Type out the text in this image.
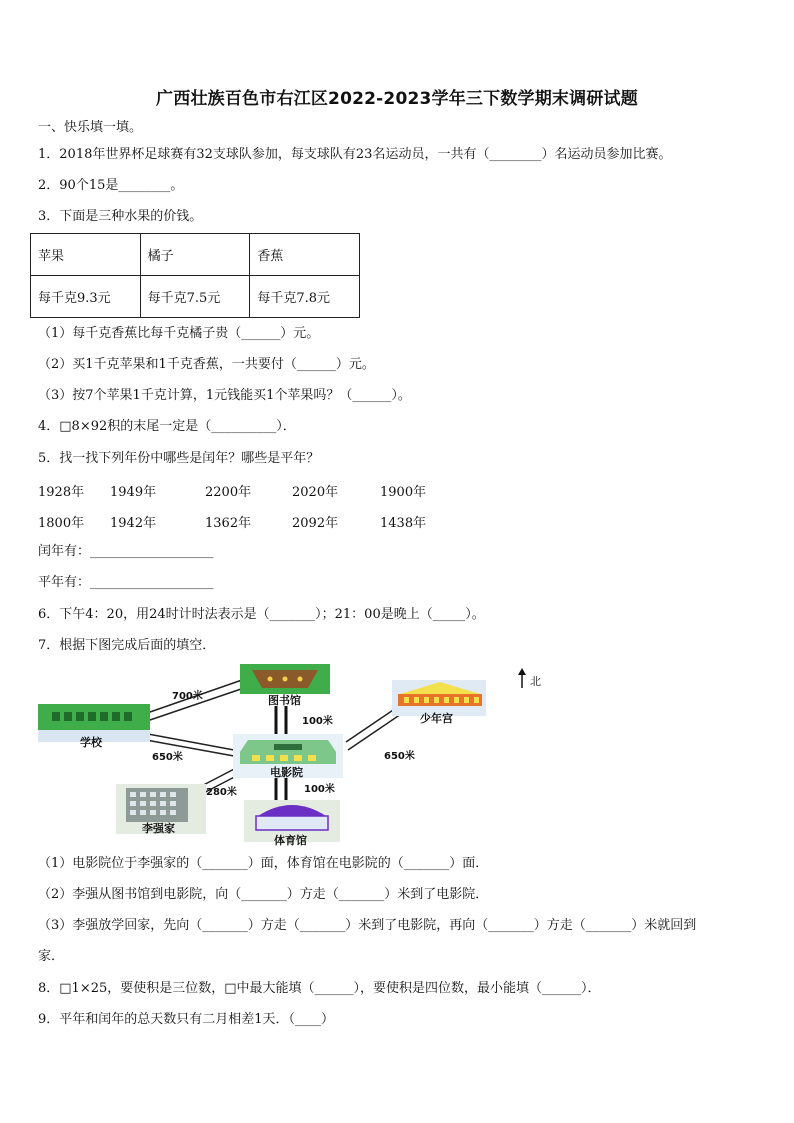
广西壮族百色市右江区2022-2023学年三下数学期末调研试题
一、快乐填一填。
1．2018年世界杯足球赛有32支球队参加，每支球队有23名运动员，一共有（________）名运动员参加比赛。
2．90个15是________。
3．下面是三种水果的价钱。
苹果	橘子	香蕉
每千克9.3元	每千克7.5元	每千克7.8元
（1）每千克香蕉比每千克橘子贵（______）元。
（2）买1千克苹果和1千克香蕉，一共要付（______）元。
（3）按7个苹果1千克计算，1元钱能买1个苹果吗？（______）。
4．□8×92积的末尾一定是（__________）．
5．找一找下列年份中哪些是闰年？哪些是平年？
1928年 1949年	2200年	2020年	1900年
1800年 1942年	1362年	2092年	1438年
闰年有：___________________
平年有：___________________
6．下午4：20，用24时计时法表示是（_______）；21：00是晚上（_____）。
7．根据下图完成后面的填空．
北
图书馆
学校
少年宫
电影院
李强家
体育馆
700米
100米
650米	650米
280米	100米
（1）电影院位于李强家的（_______）面，体育馆在电影院的（_______）面．
（2）李强从图书馆到电影院，向（_______）方走（_______）米到了电影院．
（3）李强放学回家，先向（_______）方走（_______）米到了电影院，再向（_______）方走（_______）米就回到
家．
8．□1×25，要使积是三位数，□中最大能填（______），要使积是四位数，最小能填（______）．
9．平年和闰年的总天数只有二月相差1天．（____）
